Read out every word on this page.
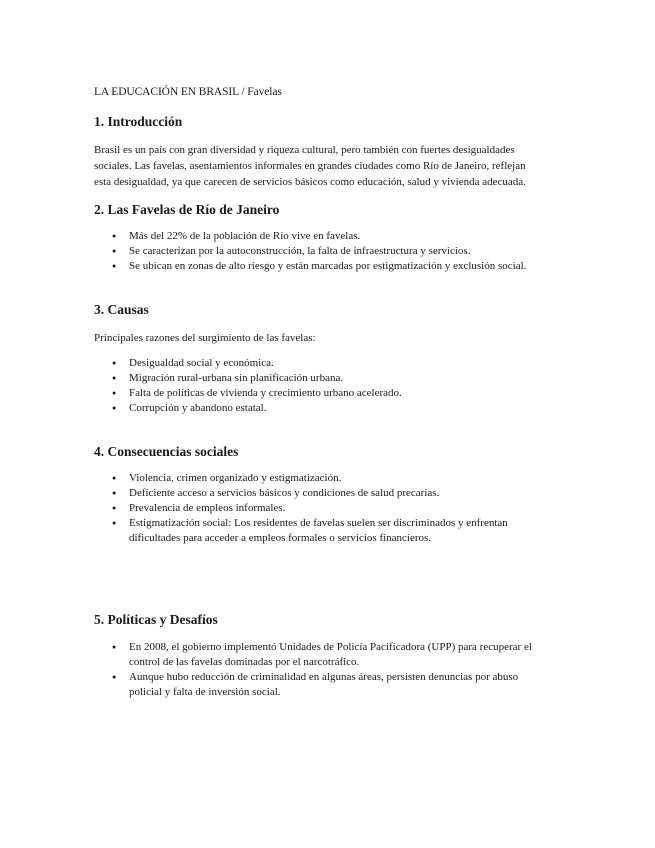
LA EDUCACIÓN EN BRASIL / Favelas
1. Introducción

Brasil es un país con gran diversidad y riqueza cultural, pero también con fuertes desigualdades sociales. Las favelas, asentamientos informales en grandes ciudades como Río de Janeiro, reflejan esta desigualdad, ya que carecen de servicios básicos como educación, salud y vivienda adecuada.

2. Las Favelas de Río de Janeiro
● Más del 22% de la población de Río vive en favelas.
● Se caracterizan por la autoconstrucción, la falta de infraestructura y servicios.
● Se ubican en zonas de alto riesgo y están marcadas por estigmatización y exclusión social.
3. Causas

Principales razones del surgimiento de las favelas:

● Desigualdad social y económica.
● Migración rural-urbana sin planificación urbana.
● Falta de políticas de vivienda y crecimiento urbano acelerado.
● Corrupción y abandono estatal.
4. Consecuencias sociales
● Violencia, crimen organizado y estigmatización.
● Deficiente acceso a servicios básicos y condiciones de salud precarias.
● Prevalencia de empleos informales.
● Estigmatización social: Los residentes de favelas suelen ser discriminados y enfrentan dificultades para acceder a empleos formales o servicios financieros.
5. Políticas y Desafíos
● En 2008, el gobierno implementó Unidades de Policía Pacificadora (UPP) para recuperar el control de las favelas dominadas por el narcotráfico.
● Aunque hubo reducción de criminalidad en algunas áreas, persisten denuncias por abuso policial y falta de inversión social.
